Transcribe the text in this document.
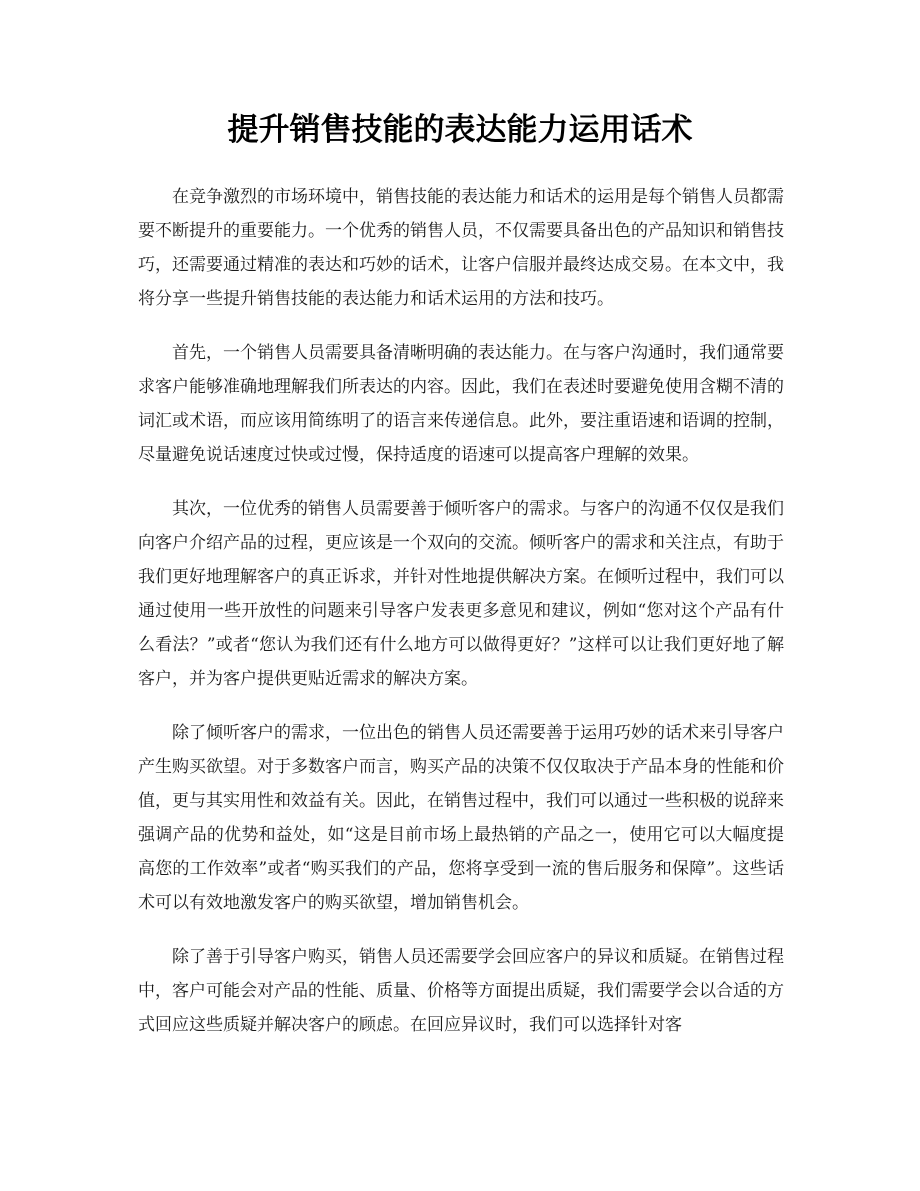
提升销售技能的表达能力运用话术

在竞争激烈的市场环境中，销售技能的表达能力和话术的运用是每个销售人员都需要不断提升的重要能力。一个优秀的销售人员，不仅需要具备出色的产品知识和销售技巧，还需要通过精准的表达和巧妙的话术，让客户信服并最终达成交易。在本文中，我将分享一些提升销售技能的表达能力和话术运用的方法和技巧。

首先，一个销售人员需要具备清晰明确的表达能力。在与客户沟通时，我们通常要求客户能够准确地理解我们所表达的内容。因此，我们在表述时要避免使用含糊不清的词汇或术语，而应该用简练明了的语言来传递信息。此外，要注重语速和语调的控制，尽量避免说话速度过快或过慢，保持适度的语速可以提高客户理解的效果。

其次，一位优秀的销售人员需要善于倾听客户的需求。与客户的沟通不仅仅是我们向客户介绍产品的过程，更应该是一个双向的交流。倾听客户的需求和关注点，有助于我们更好地理解客户的真正诉求，并针对性地提供解决方案。在倾听过程中，我们可以通过使用一些开放性的问题来引导客户发表更多意见和建议，例如“您对这个产品有什么看法？”或者“您认为我们还有什么地方可以做得更好？”这样可以让我们更好地了解客户，并为客户提供更贴近需求的解决方案。

除了倾听客户的需求，一位出色的销售人员还需要善于运用巧妙的话术来引导客户产生购买欲望。对于多数客户而言，购买产品的决策不仅仅取决于产品本身的性能和价值，更与其实用性和效益有关。因此，在销售过程中，我们可以通过一些积极的说辞来强调产品的优势和益处，如“这是目前市场上最热销的产品之一，使用它可以大幅度提高您的工作效率”或者“购买我们的产品，您将享受到一流的售后服务和保障”。这些话术可以有效地激发客户的购买欲望，增加销售机会。

除了善于引导客户购买，销售人员还需要学会回应客户的异议和质疑。在销售过程中，客户可能会对产品的性能、质量、价格等方面提出质疑，我们需要学会以合适的方式回应这些质疑并解决客户的顾虑。在回应异议时，我们可以选择针对客
